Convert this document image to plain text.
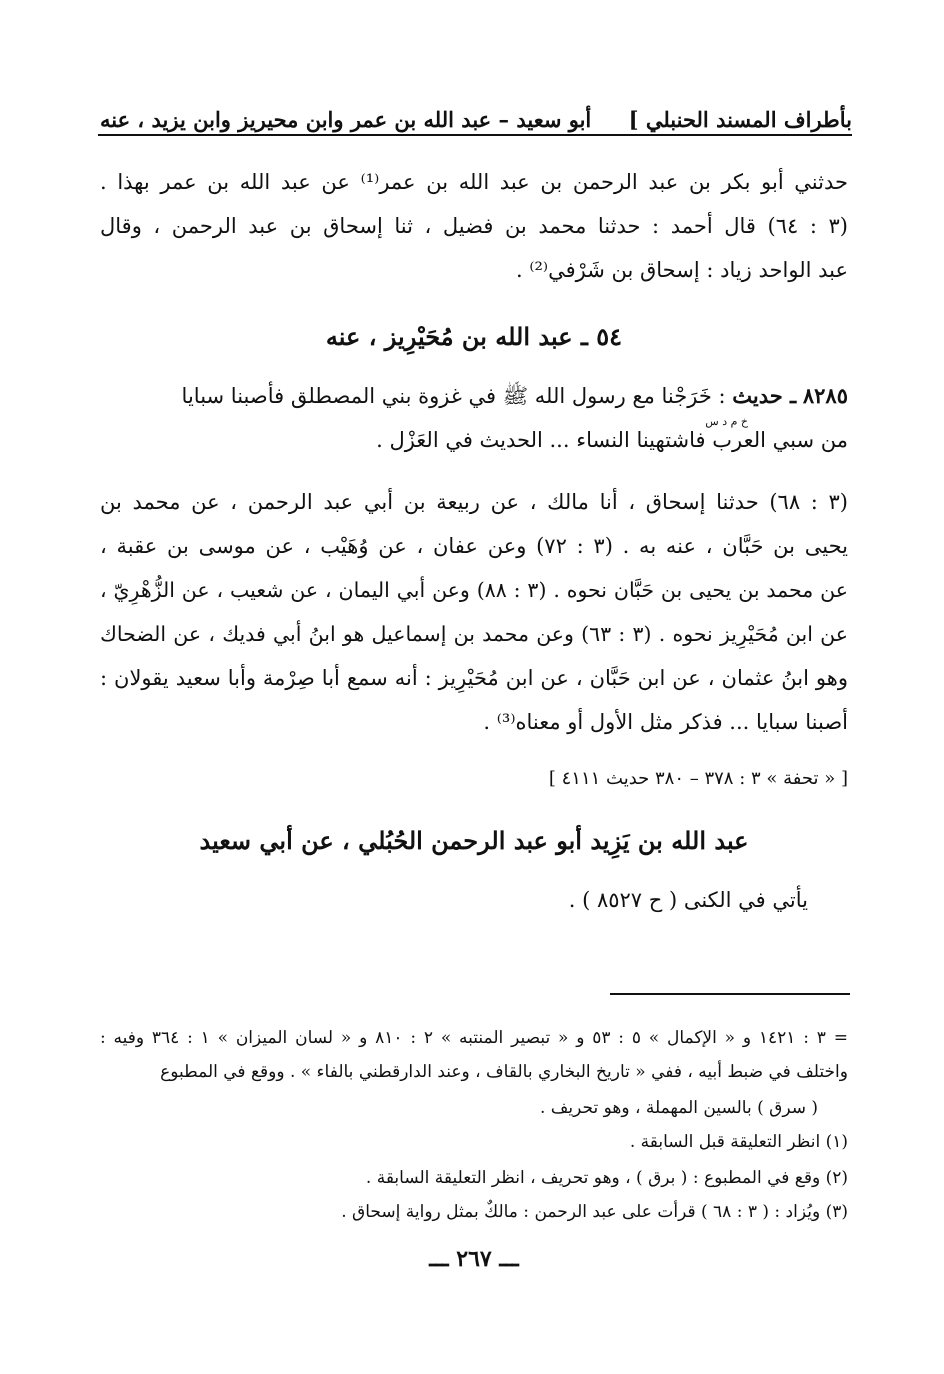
بأطراف المسند الحنبلي ]
أبو سعيد – عبد الله بن عمر وابن محيريز وابن يزيد ، عنه
حدثني أبو بكر بن عبد الرحمن بن عبد الله بن عمر⁽¹⁾ عن عبد الله بن عمر بهذا .
(٣ : ٦٤) قال أحمد : حدثنا محمد بن فضيل ، ثنا إسحاق بن عبد الرحمن ، وقال
عبد الواحد زياد : إسحاق بن شَرْفي⁽²⁾ .
٥٤ ـ عبد الله بن مُحَيْرِيز ، عنه
٨٢٨٥ ـ حديث : خَرَجْنا مع رسول الله ﷺ في غزوة بني المصطلق فأصبنا سبايا
خ م د س
من سبي العرب فاشتهينا النساء ... الحديث في العَزْل .
(٣ : ٦٨) حدثنا إسحاق ، أنا مالك ، عن ربيعة بن أبي عبد الرحمن ، عن محمد بن
يحيى بن حَبَّان ، عنه به . (٣ : ٧٢) وعن عفان ، عن وُهَيْب ، عن موسى بن عقبة ،
عن محمد بن يحيى بن حَبَّان نحوه . (٣ : ٨٨) وعن أبي اليمان ، عن شعيب ، عن الزُّهْرِيّ ،
عن ابن مُحَيْرِيز نحوه . (٣ : ٦٣) وعن محمد بن إسماعيل هو ابنُ أبي فديك ، عن الضحاك
وهو ابنُ عثمان ، عن ابن حَبَّان ، عن ابن مُحَيْرِيز : أنه سمع أبا صِرْمة وأبا سعيد يقولان :
أصبنا سبايا ... فذكر مثل الأول أو معناه⁽³⁾ .
[ « تحفة » ٣ : ٣٧٨ – ٣٨٠ حديث ٤١١١ ]
عبد الله بن يَزِيد أبو عبد الرحمن الحُبُلي ، عن أبي سعيد
يأتي في الكنى ( ح ٨٥٢٧ ) .
= ٣ : ١٤٢١ و « الإكمال » ٥ : ٥٣ و « تبصير المنتبه » ٢ : ٨١٠ و « لسان الميزان » ١ : ٣٦٤ وفيه :
واختلف في ضبط أبيه ، ففي « تاريخ البخاري بالقاف ، وعند الدارقطني بالفاء » . ووقع في المطبوع
( سرق ) بالسين المهملة ، وهو تحريف .
(١) انظر التعليقة قبل السابقة .
(٢) وقع في المطبوع : ( برق ) ، وهو تحريف ، انظر التعليقة السابقة .
(٣) ويُزاد : ( ٣ : ٦٨ ) قرأت على عبد الرحمن : مالكٌ بمثل رواية إسحاق .
ـــ ٢٦٧ ـــ
